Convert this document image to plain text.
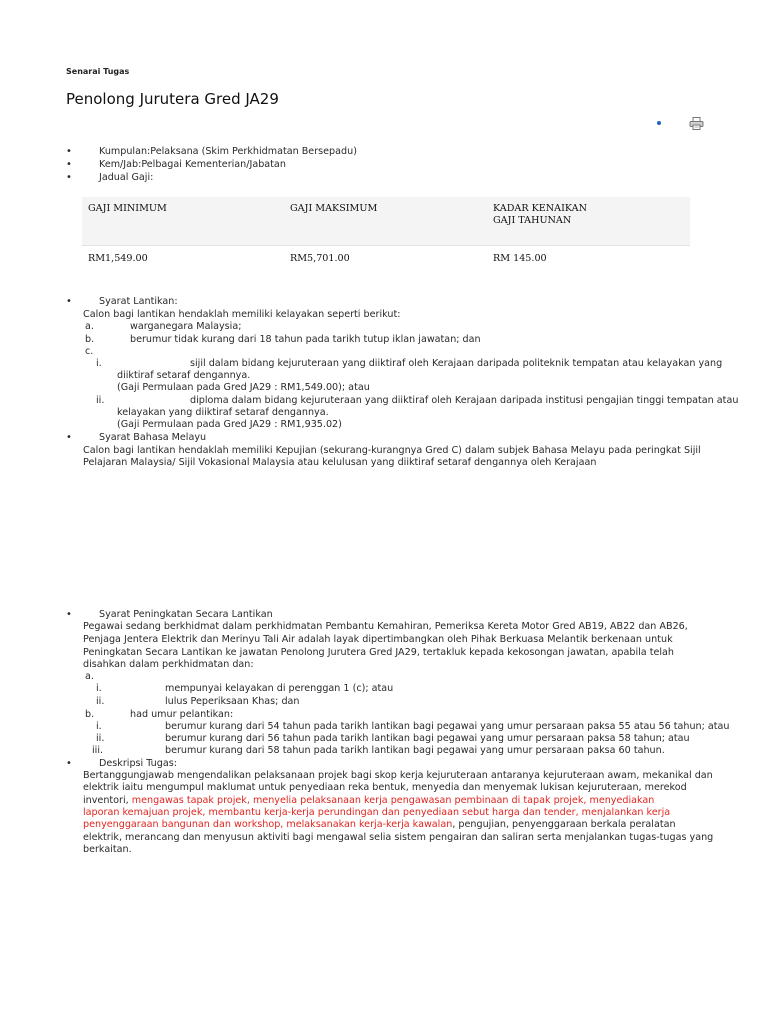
Senarai Tugas
Penolong Jurutera Gred JA29
•	Kumpulan:Pelaksana (Skim Perkhidmatan Bersepadu)
•	Kem/Jab:Pelbagai Kementerian/Jabatan
•	Jadual Gaji:
GAJI MINIMUM	GAJI MAKSIMUM	KADAR KENAIKAN
GAJI TAHUNAN
RM1,549.00	RM5,701.00	RM 145.00
•	Syarat Lantikan:
Calon bagi lantikan hendaklah memiliki kelayakan seperti berikut:
a.	warganegara Malaysia;
b.	berumur tidak kurang dari 18 tahun pada tarikh tutup iklan jawatan; dan
c.
i.	sijil dalam bidang kejuruteraan yang diiktiraf oleh Kerajaan daripada politeknik tempatan atau kelayakan yang
diiktiraf setaraf dengannya.
(Gaji Permulaan pada Gred JA29 : RM1,549.00); atau
ii.	diploma dalam bidang kejuruteraan yang diiktiraf oleh Kerajaan daripada institusi pengajian tinggi tempatan atau
kelayakan yang diiktiraf setaraf dengannya.
(Gaji Permulaan pada Gred JA29 : RM1,935.02)
•	Syarat Bahasa Melayu
Calon bagi lantikan hendaklah memiliki Kepujian (sekurang-kurangnya Gred C) dalam subjek Bahasa Melayu pada peringkat Sijil
Pelajaran Malaysia/ Sijil Vokasional Malaysia atau kelulusan yang diiktiraf setaraf dengannya oleh Kerajaan
•	Syarat Peningkatan Secara Lantikan
Pegawai sedang berkhidmat dalam perkhidmatan Pembantu Kemahiran, Pemeriksa Kereta Motor Gred AB19, AB22 dan AB26,
Penjaga Jentera Elektrik dan Merinyu Tali Air adalah layak dipertimbangkan oleh Pihak Berkuasa Melantik berkenaan untuk
Peningkatan Secara Lantikan ke jawatan Penolong Jurutera Gred JA29, tertakluk kepada kekosongan jawatan, apabila telah
disahkan dalam perkhidmatan dan:
a.
i.	mempunyai kelayakan di perenggan 1 (c); atau
ii.	lulus Peperiksaan Khas; dan
b.	had umur pelantikan:
i.	berumur kurang dari 54 tahun pada tarikh lantikan bagi pegawai yang umur persaraan paksa 55 atau 56 tahun; atau
ii.	berumur kurang dari 56 tahun pada tarikh lantikan bagi pegawai yang umur persaraan paksa 58 tahun; atau
iii.	berumur kurang dari 58 tahun pada tarikh lantikan bagi pegawai yang umur persaraan paksa 60 tahun.
•	Deskripsi Tugas:
Bertanggungjawab mengendalikan pelaksanaan projek bagi skop kerja kejuruteraan antaranya kejuruteraan awam, mekanikal dan
elektrik iaitu mengumpul maklumat untuk penyediaan reka bentuk, menyedia dan menyemak lukisan kejuruteraan, merekod
inventori, mengawas tapak projek, menyelia pelaksanaan kerja pengawasan pembinaan di tapak projek, menyediakan
laporan kemajuan projek, membantu kerja-kerja perundingan dan penyediaan sebut harga dan tender, menjalankan kerja
penyenggaraan bangunan dan workshop, melaksanakan kerja-kerja kawalan, pengujian, penyenggaraan berkala peralatan
elektrik, merancang dan menyusun aktiviti bagi mengawal selia sistem pengairan dan saliran serta menjalankan tugas-tugas yang
berkaitan.
